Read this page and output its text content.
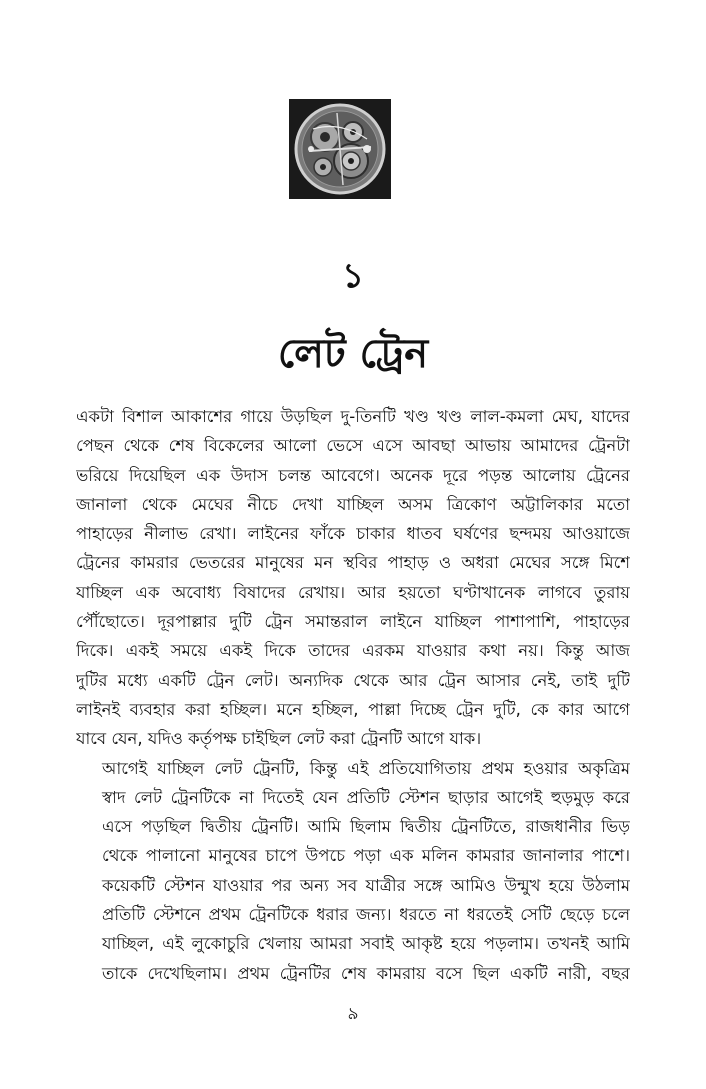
১
লেট ট্রেন
একটা বিশাল আকাশের গায়ে উড়ছিল দু-তিনটি খণ্ড খণ্ড লাল-কমলা মেঘ, যাদের
পেছন থেকে শেষ বিকেলের আলো ভেসে এসে আবছা আভায় আমাদের ট্রেনটা
ভরিয়ে দিয়েছিল এক উদাস চলন্ত আবেগে। অনেক দূরে পড়ন্ত আলোয় ট্রেনের
জানালা থেকে মেঘের নীচে দেখা যাচ্ছিল অসম ত্রিকোণ অট্টালিকার মতো
পাহাড়ের নীলাভ রেখা। লাইনের ফাঁকে চাকার ধাতব ঘর্ষণের ছন্দময় আওয়াজে
ট্রেনের কামরার ভেতরের মানুষের মন স্থবির পাহাড় ও অধরা মেঘের সঙ্গে মিশে
যাচ্ছিল এক অবোধ্য বিষাদের রেখায়। আর হয়তো ঘণ্টাখানেক লাগবে তুরায়
পৌঁছোতে। দূরপাল্লার দুটি ট্রেন সমান্তরাল লাইনে যাচ্ছিল পাশাপাশি, পাহাড়ের
দিকে। একই সময়ে একই দিকে তাদের এরকম যাওয়ার কথা নয়। কিন্তু আজ
দুটির মধ্যে একটি ট্রেন লেট। অন্যদিক থেকে আর ট্রেন আসার নেই, তাই দুটি
লাইনই ব্যবহার করা হচ্ছিল। মনে হচ্ছিল, পাল্লা দিচ্ছে ট্রেন দুটি, কে কার আগে
যাবে যেন, যদিও কর্তৃপক্ষ চাইছিল লেট করা ট্রেনটি আগে যাক।
আগেই যাচ্ছিল লেট ট্রেনটি, কিন্তু এই প্রতিযোগিতায় প্রথম হওয়ার অকৃত্রিম
স্বাদ লেট ট্রেনটিকে না দিতেই যেন প্রতিটি স্টেশন ছাড়ার আগেই হুড়মুড় করে
এসে পড়ছিল দ্বিতীয় ট্রেনটি। আমি ছিলাম দ্বিতীয় ট্রেনটিতে, রাজধানীর ভিড়
থেকে পালানো মানুষের চাপে উপচে পড়া এক মলিন কামরার জানালার পাশে।
কয়েকটি স্টেশন যাওয়ার পর অন্য সব যাত্রীর সঙ্গে আমিও উন্মুখ হয়ে উঠলাম
প্রতিটি স্টেশনে প্রথম ট্রেনটিকে ধরার জন্য। ধরতে না ধরতেই সেটি ছেড়ে চলে
যাচ্ছিল, এই লুকোচুরি খেলায় আমরা সবাই আকৃষ্ট হয়ে পড়লাম। তখনই আমি
তাকে দেখেছিলাম। প্রথম ট্রেনটির শেষ কামরায় বসে ছিল একটি নারী, বছর
৯
